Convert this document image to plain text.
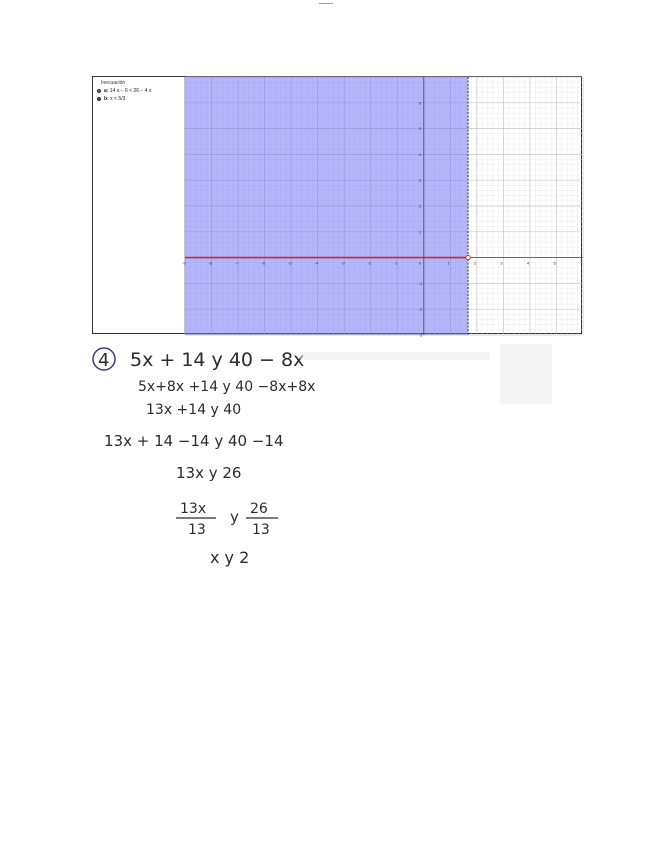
Inecuación
a:
14 x − 6 < 26 − 4 x
b:
x < 5/3
-9	-8	-7	-6	-5	-4	-3	-2	-1	0	1	2	3	4	5
6
5
4
3
2
1
-1
-2
-3
4 5x + 14 y 40 − 8x
5x+8x +14 y 40 −8x+8x
13x +14 y 40
13x + 14 −14 y 40 −14
13x y 26
13x
13
y 26
13
x y 2
